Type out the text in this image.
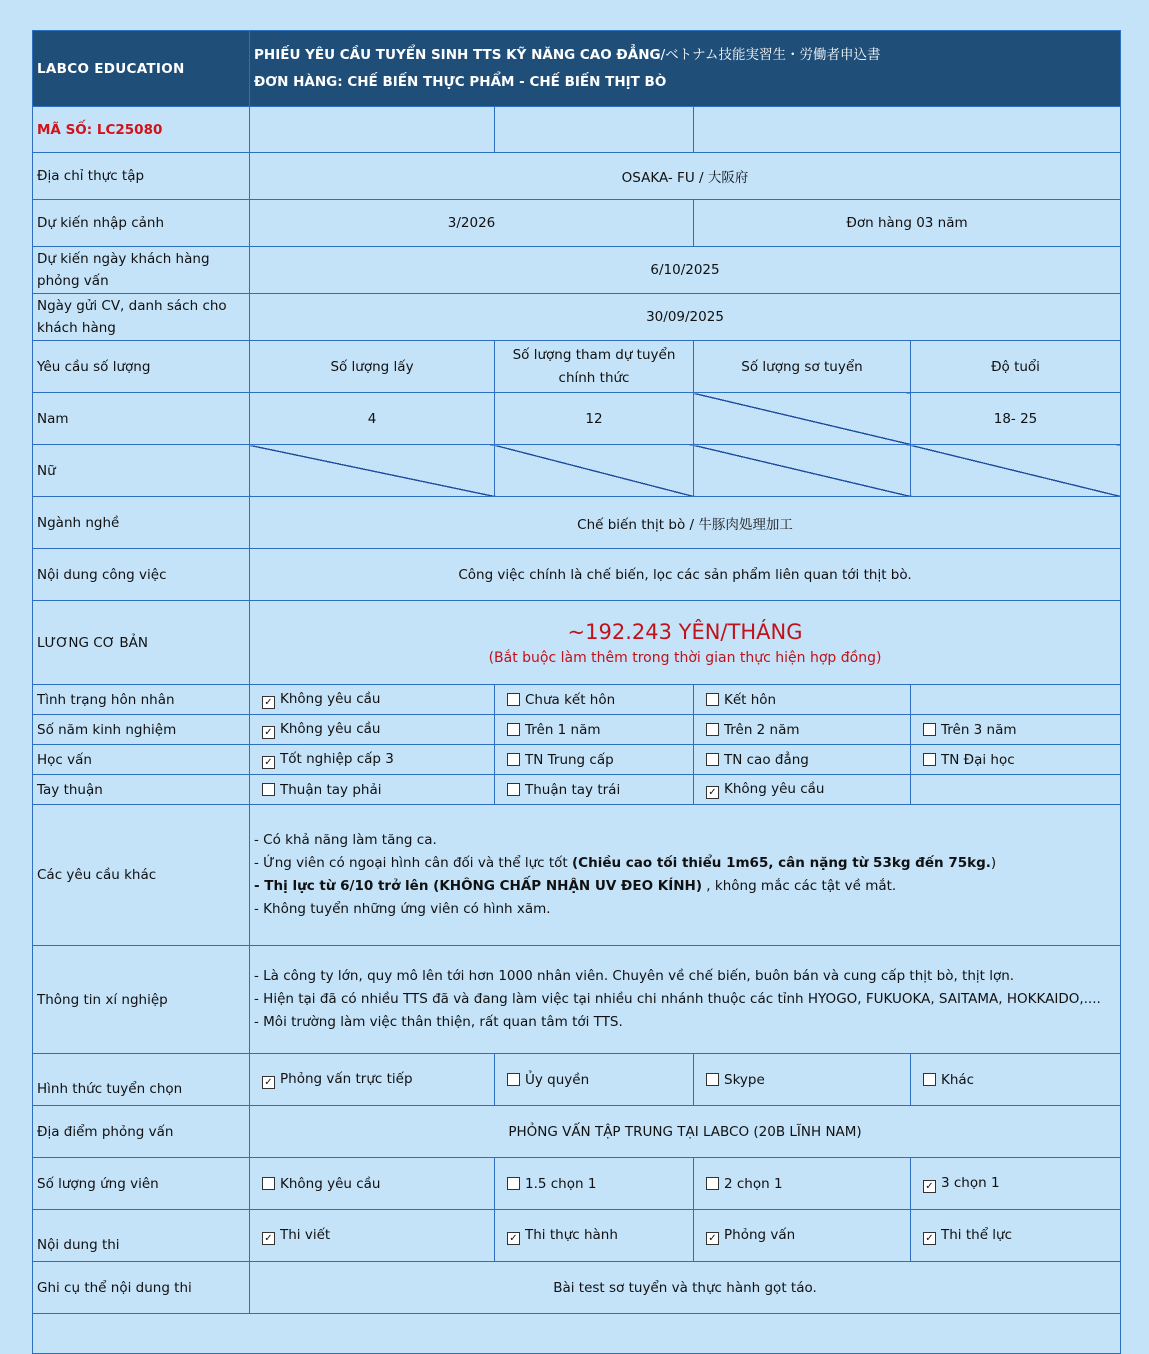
LABCO EDUCATION	PHIẾU YÊU CẦU TUYỂN SINH TTS KỸ NĂNG CAO ĐẲNG/ベトナム技能実習生・労働者申込書
ĐƠN HÀNG: CHẾ BIẾN THỰC PHẨM - CHẾ BIẾN THỊT BÒ			

MÃ SỐ: LC25080				
Địa chỉ thực tập	OSAKA- FU / 大阪府			
Dự kiến nhập cảnh	3/2026		Đơn hàng 03 năm	
Dự kiến ngày khách hàng phỏng vấn	6/10/2025			
Ngày gửi CV, danh sách cho khách hàng	30/09/2025			
Yêu cầu số lượng	Số lượng lấy	Số lượng tham dự tuyển chính thức	Số lượng sơ tuyển	Độ tuổi
Nam	4	12		18- 25
Nữ				
Ngành nghề	Chế biến thịt bò / 牛豚肉処理加工			
Nội dung công việc	Công việc chính là chế biến, lọc các sản phẩm liên quan tới thịt bò.			
LƯƠNG CƠ BẢN	~192.243 YÊN/THÁNG
(Bắt buộc làm thêm trong thời gian thực hiện hợp đồng)			

Tình trạng hôn nhân	✓ Không yêu cầu	Chưa kết hôn	Kết hôn	
Số năm kinh nghiệm	✓ Không yêu cầu	Trên 1 năm	Trên 2 năm	Trên 3 năm
Học vấn	✓ Tốt nghiệp cấp 3	TN Trung cấp	TN cao đẳng	TN Đại học
Tay thuận	Thuận tay phải	Thuận tay trái	✓ Không yêu cầu	
Các yêu cầu khác	- Có khả năng làm tăng ca.
- Ứng viên có ngoại hình cân đối và thể lực tốt (Chiều cao tối thiểu 1m65, cân nặng từ 53kg đến 75kg.)
- Thị lực từ 6/10 trở lên (KHÔNG CHẤP NHẬN UV ĐEO KÍNH) , không mắc các tật về mắt.
- Không tuyển những ứng viên có hình xăm.			

Thông tin xí nghiệp	- Là công ty lớn, quy mô lên tới hơn 1000 nhân viên. Chuyên về chế biến, buôn bán và cung cấp thịt bò, thịt lợn.
- Hiện tại đã có nhiều TTS đã và đang làm việc tại nhiều chi nhánh thuộc các tỉnh HYOGO, FUKUOKA, SAITAMA, HOKKAIDO,....
- Môi trường làm việc thân thiện, rất quan tâm tới TTS.			

Hình thức tuyển chọn	✓ Phỏng vấn trực tiếp	Ủy quyền	Skype	Khác
Địa điểm phỏng vấn	PHỎNG VẤN TẬP TRUNG TẠI LABCO (20B LĨNH NAM)			
Số lượng ứng viên	Không yêu cầu	1.5 chọn 1	2 chọn 1	✓ 3 chọn 1
Nội dung thi	✓ Thi viết	✓ Thi thực hành	✓ Phỏng vấn	✓ Thi thể lực
Ghi cụ thể nội dung thi	Bài test sơ tuyển và thực hành gọt táo.			
